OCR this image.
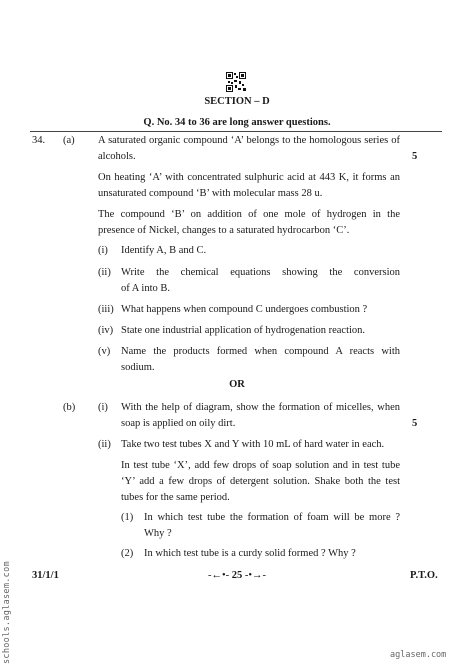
SECTION – D
Q. No. 34 to 36 are long answer questions.
34. (a) A saturated organic compound ‘A’ belongs to the homologous series of
alcohols.	5
On heating ‘A’ with concentrated sulphuric acid at 443 K, it forms an
unsaturated compound ‘B’ with molecular mass 28 u.
The compound ‘B’ on addition of one mole of hydrogen in the
presence of Nickel, changes to a saturated hydrocarbon ‘C’.
(i) Identify A, B and C.
(ii) Write the chemical equations showing the conversion
of A into B.
(iii) What happens when compound C undergoes combustion ?
(iv) State one industrial application of hydrogenation reaction.
(v) Name the products formed when compound A reacts with
sodium.
OR
(b) (i) With the help of diagram, show the formation of micelles, when
soap is applied on oily dirt.	5
(ii) Take two test tubes X and Y with 10 mL of hard water in each.
In test tube ‘X’, add few drops of soap solution and in test tube
‘Y’ add a few drops of detergent solution. Shake both the test
tubes for the same period.
(1) In which test tube the formation of foam will be more ?
Why ?
(2) In which test tube is a curdy solid formed ? Why ?
31/1/1	-←•- 25 -•→-	P.T.O.
schools.aglasem.com	aglasem.com
